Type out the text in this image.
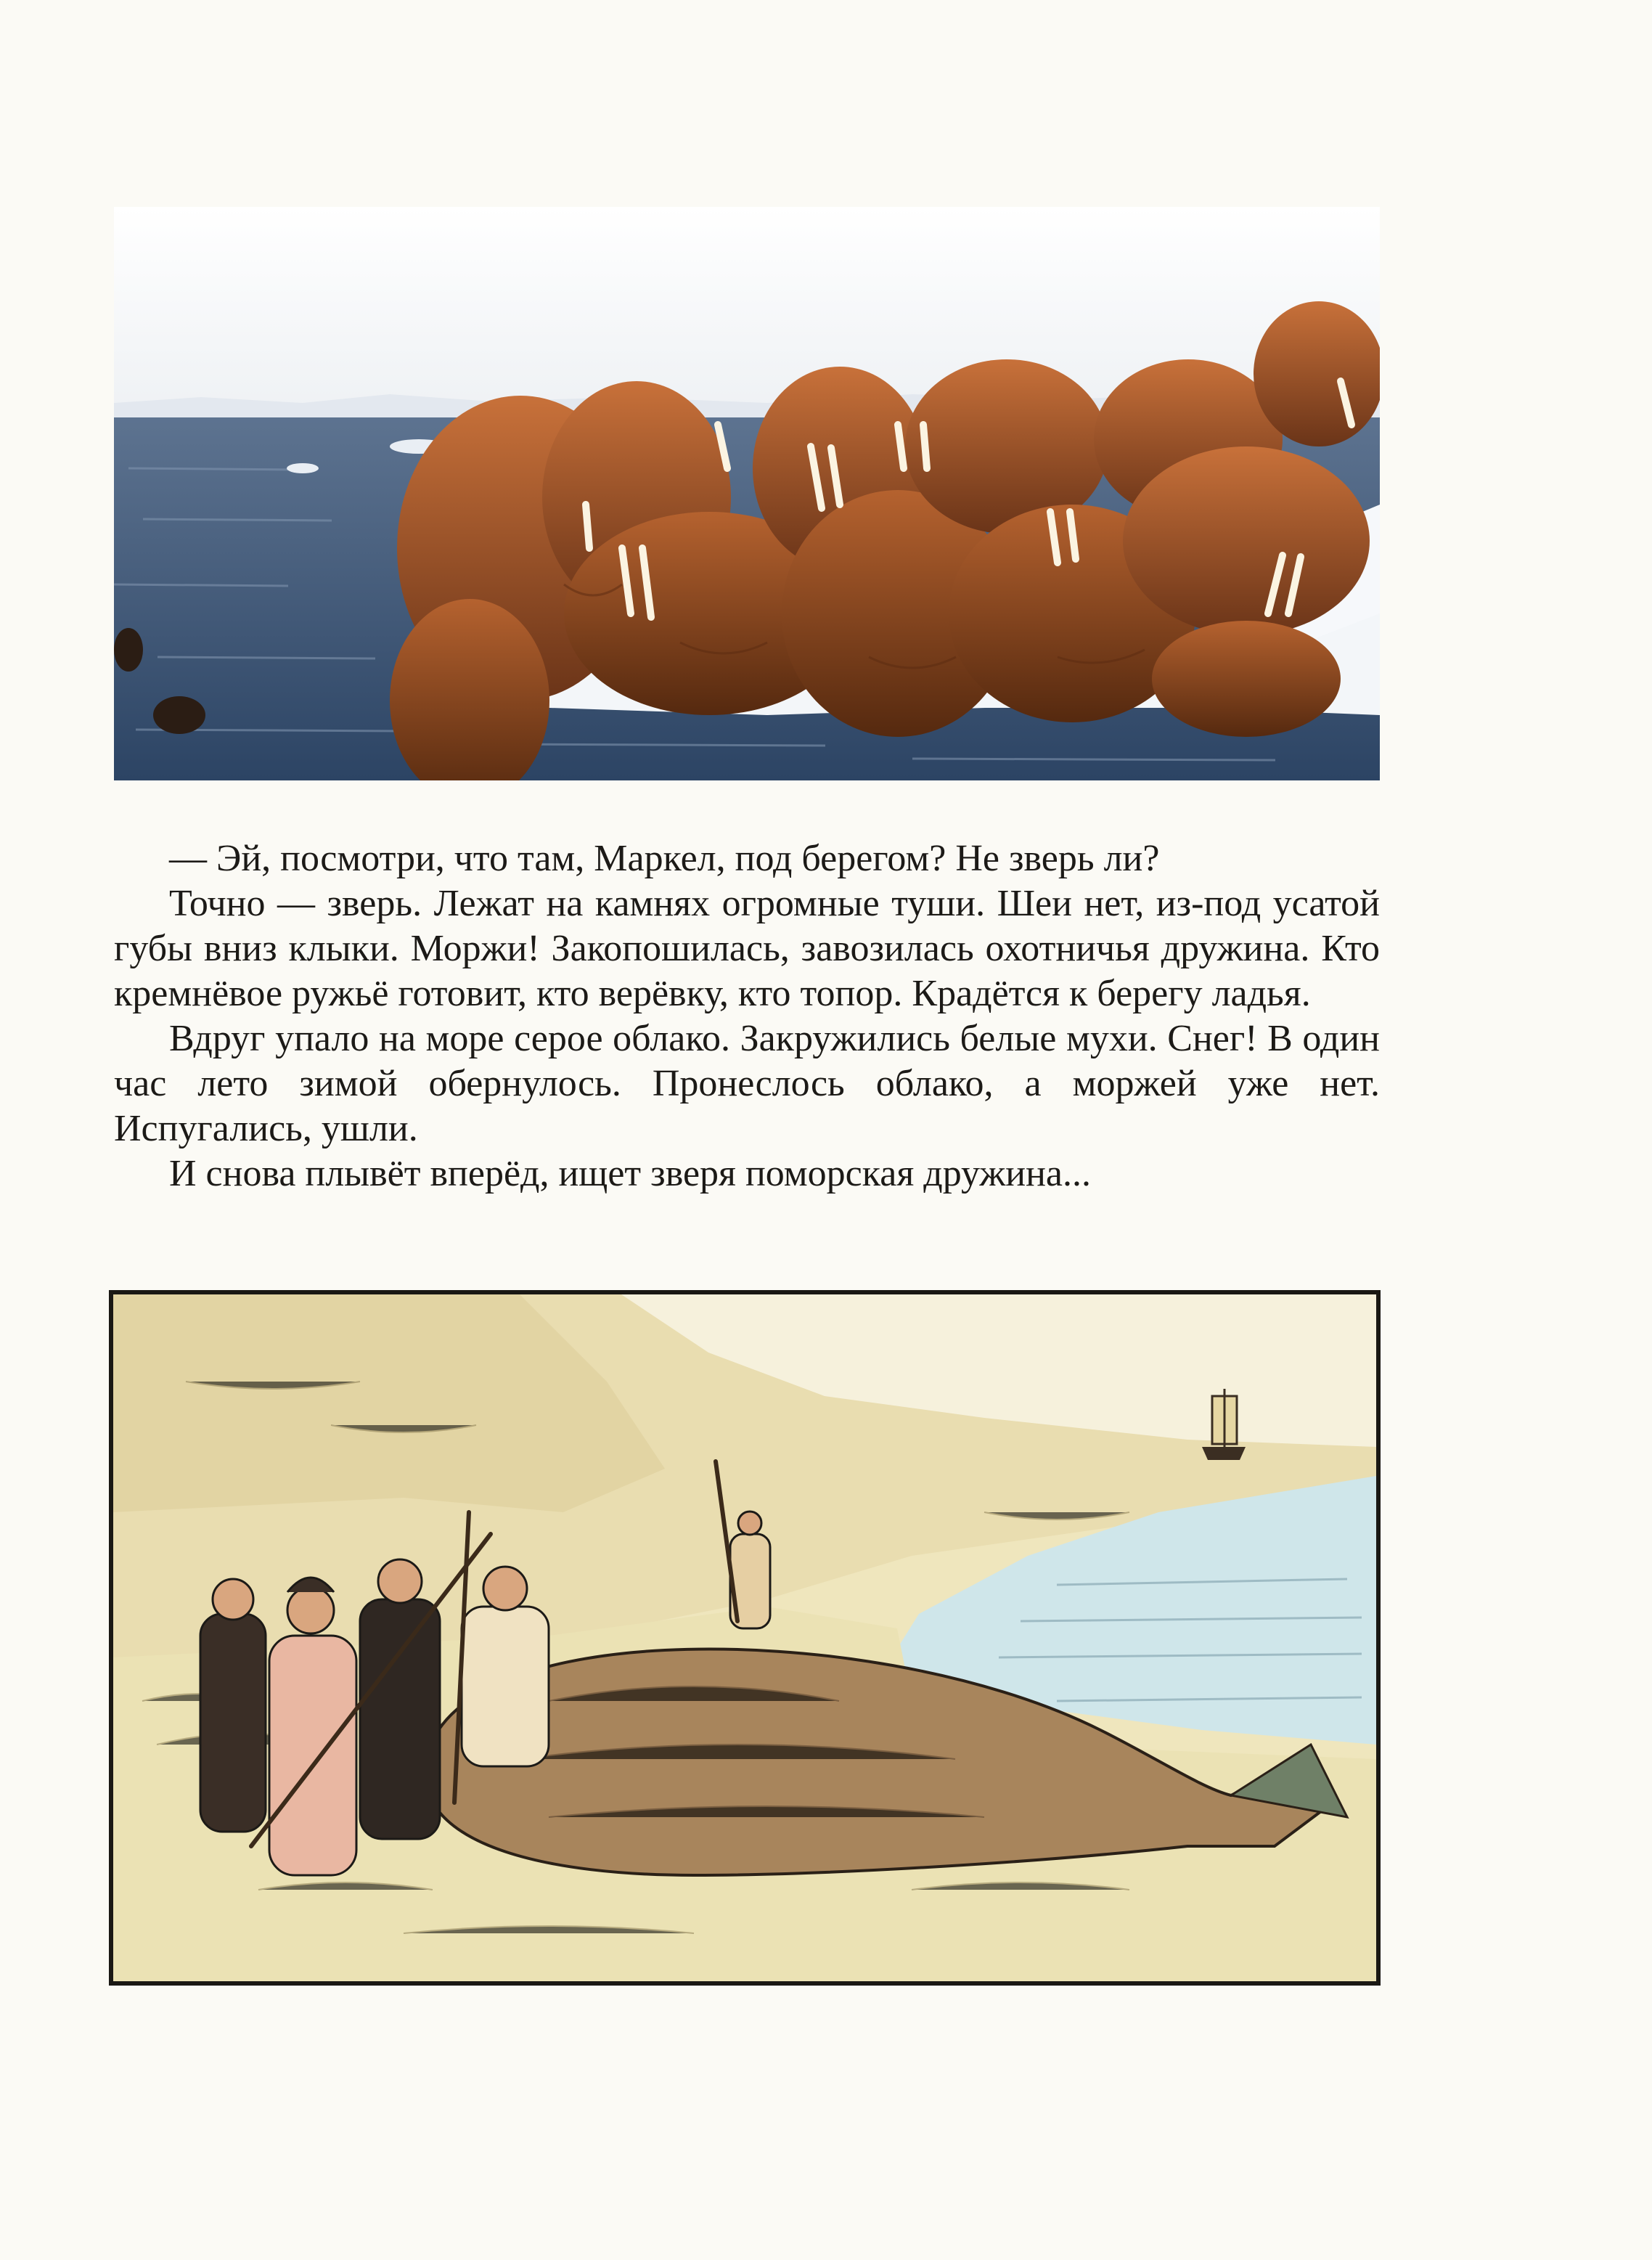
— Эй, посмотри, что там, Маркел, под берегом? Не зверь ли?

Точно — зверь. Лежат на камнях огромные туши. Шеи нет, из-под усатой губы вниз клыки. Моржи! Закопошилась, завозилась охотничья дружина. Кто кремнёвое ружьё готовит, кто верёвку, кто топор. Крадётся к берегу ладья.

Вдруг упало на море серое облако. Закружились белые мухи. Снег! В один час лето зимой обернулось. Пронеслось облако, а моржей уже нет. Испугались, ушли.

И снова плывёт вперёд, ищет зверя поморская дружина...
